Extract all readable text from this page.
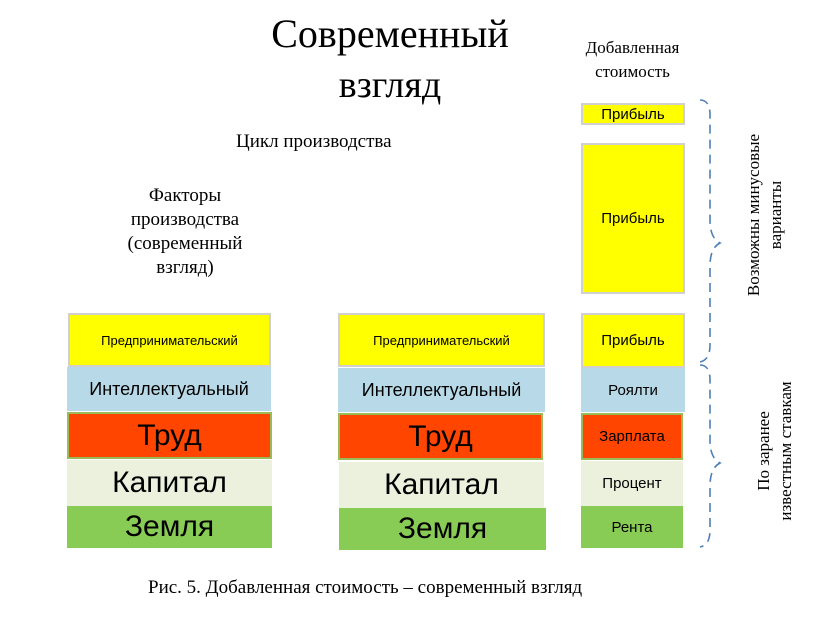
Современный
взгляд
Добавленная
стоимость
Цикл производства
Факторы
производства
(современный
взгляд)
Предпринимательский
Интеллектуальный
Труд
Капитал
Земля
Предпринимательский
Интеллектуальный
Труд
Капитал
Земля
Прибыль
Прибыль
Прибыль
Роялти
Зарплата
Процент
Рента
Возможны минусовые варианты
По заранее известным ставкам
Рис. 5. Добавленная стоимость – современный взгляд
